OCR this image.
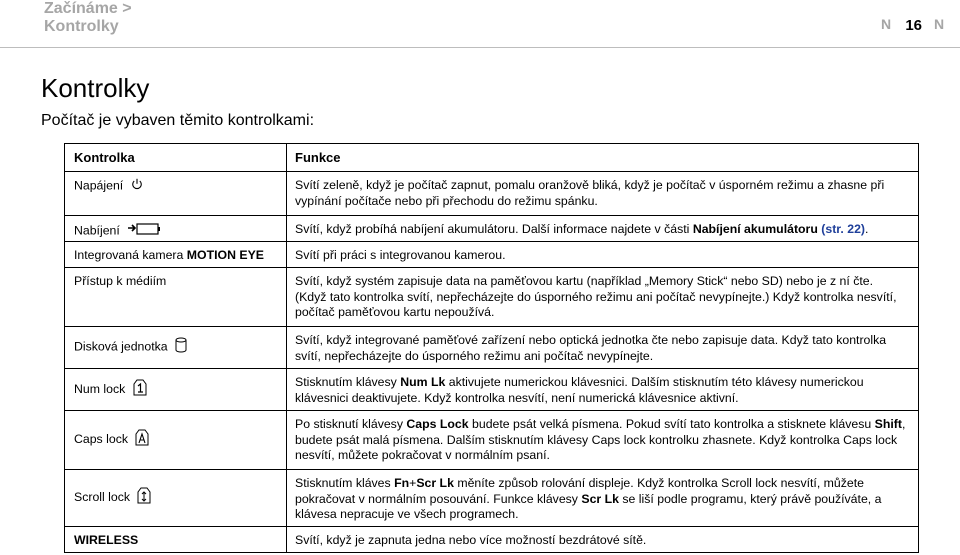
Začínáme >
Kontrolky	N 16 N
Kontrolky
Počítač je vybaven těmito kontrolkami:
Kontrolka	Funkce
Napájení	Svítí zeleně, když je počítač zapnut, pomalu oranžově bliká, když je počítač v úsporném režimu a zhasne při vypínání počítače nebo při přechodu do režimu spánku.
Nabíjení	Svítí, když probíhá nabíjení akumulátoru. Další informace najdete v části Nabíjení akumulátoru (str. 22).
Integrovaná kamera MOTION EYE	Svítí při práci s integrovanou kamerou.
Přístup k médiím	Svítí, když systém zapisuje data na paměťovou kartu (například „Memory Stick“ nebo SD) nebo je z ní čte.
(Když tato kontrolka svítí, nepřecházejte do úsporného režimu ani počítač nevypínejte.) Když kontrolka nesvítí, počítač paměťovou kartu nepoužívá.

Disková jednotka	Svítí, když integrované paměťové zařízení nebo optická jednotka čte nebo zapisuje data. Když tato kontrolka svítí, nepřecházejte do úsporného režimu ani počítač nevypínejte.
Num lock	Stisknutím klávesy Num Lk aktivujete numerickou klávesnici. Dalším stisknutím této klávesy numerickou klávesnici deaktivujete. Když kontrolka nesvítí, není numerická klávesnice aktivní.
Caps lock	Po stisknutí klávesy Caps Lock budete psát velká písmena. Pokud svítí tato kontrolka a stisknete klávesu Shift, budete psát malá písmena. Dalším stisknutím klávesy Caps lock kontrolku zhasnete. Když kontrolka Caps lock nesvítí, můžete pokračovat v normálním psaní.
Scroll lock	Stisknutím kláves Fn+Scr Lk měníte způsob rolování displeje. Když kontrolka Scroll lock nesvítí, můžete pokračovat v normálním posouvání. Funkce klávesy Scr Lk se liší podle programu, který právě používáte, a klávesa nepracuje ve všech programech.
WIRELESS	Svítí, když je zapnuta jedna nebo více možností bezdrátové sítě.
